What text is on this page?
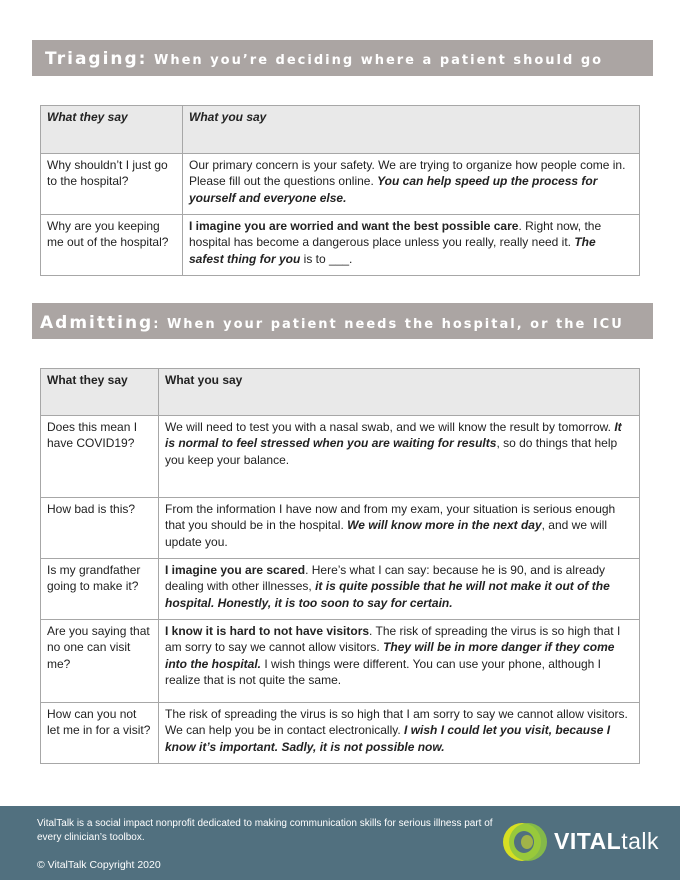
Triaging: When you’re deciding where a patient should go
What they say	What you say
Why shouldn’t I just go to the hospital?	Our primary concern is your safety. We are trying to organize how people come in. Please fill out the questions online. You can help speed up the process for yourself and everyone else.
Why are you keeping me out of the hospital?	I imagine you are worried and want the best possible care. Right now, the hospital has become a dangerous place unless you really, really need it. The safest thing for you is to ___.
Admitting: When your patient needs the hospital, or the ICU
What they say	What you say
Does this mean I have COVID19?	We will need to test you with a nasal swab, and we will know the result by tomorrow. It is normal to feel stressed when you are waiting for results, so do things that help you keep your balance.
How bad is this?	From the information I have now and from my exam, your situation is serious enough that you should be in the hospital. We will know more in the next day, and we will update you.
Is my grandfather going to make it?	I imagine you are scared. Here’s what I can say: because he is 90, and is already dealing with other illnesses, it is quite possible that he will not make it out of the hospital. Honestly, it is too soon to say for certain.
Are you saying that no one can visit me?	I know it is hard to not have visitors. The risk of spreading the virus is so high that I am sorry to say we cannot allow visitors. They will be in more danger if they come into the hospital. I wish things were different. You can use your phone, although I realize that is not quite the same.
How can you not let me in for a visit?	The risk of spreading the virus is so high that I am sorry to say we cannot allow visitors. We can help you be in contact electronically. I wish I could let you visit, because I know it’s important. Sadly, it is not possible now.
VitalTalk is a social impact nonprofit dedicated to making communication skills for serious illness part of every clinician’s toolbox.
© VitalTalk Copyright 2020
VITALtalk
